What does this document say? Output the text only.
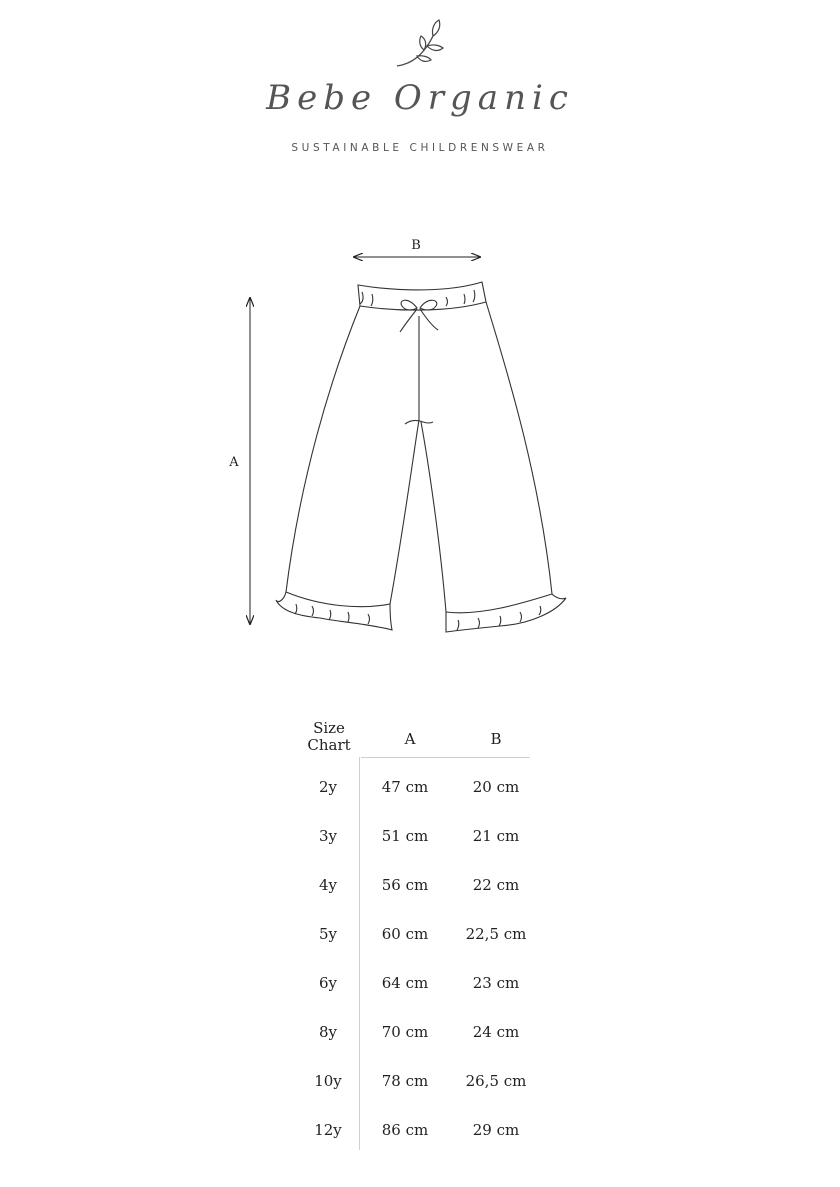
Bebe Organic
SUSTAINABLE CHILDRENSWEAR
B
A
Size
Chart	A	B
2y	47 cm	20 cm
3y	51 cm	21 cm
4y	56 cm	22 cm
5y	60 cm	22,5 cm
6y	64 cm	23 cm
8y	70 cm	24 cm
10y	78 cm	26,5 cm
12y	86 cm	29 cm
